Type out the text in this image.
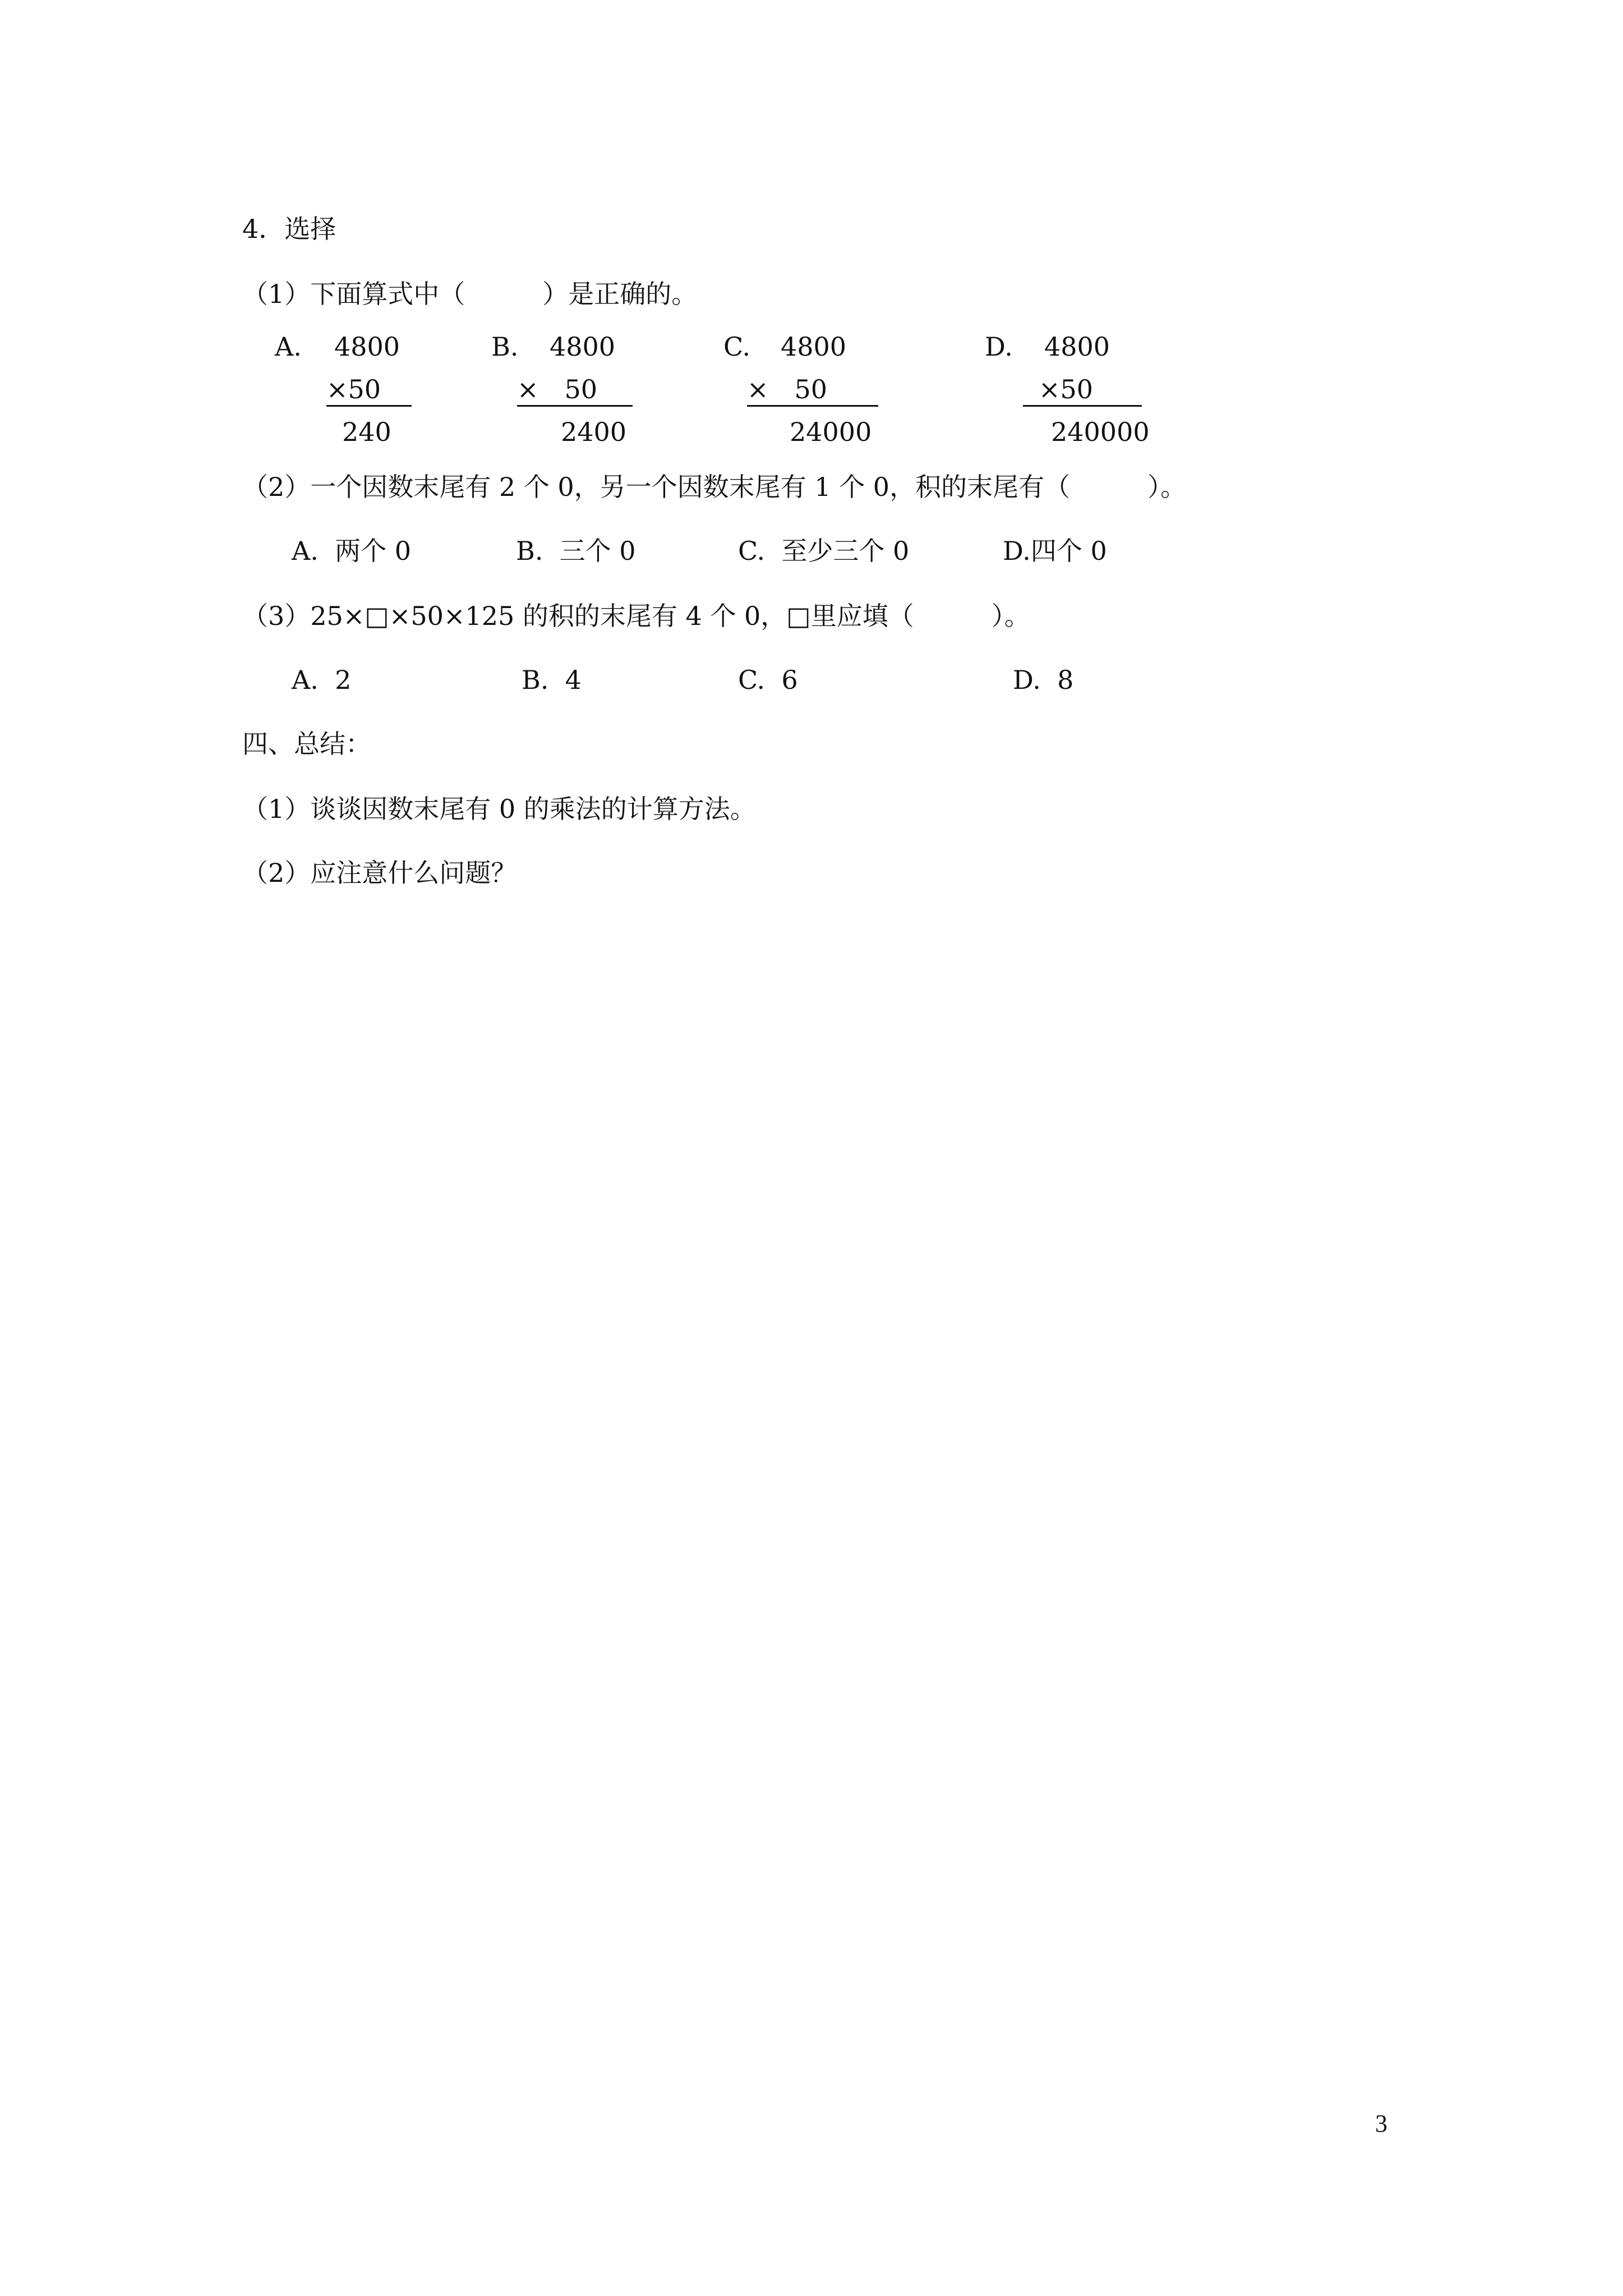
4．选择
（1）下面算式中（　　　）是正确的。
A. 4800
×50
240
B. 4800
×　50
2400
C. 4800
×　50
24000
D. 4800
×50
240000
（2）一个因数末尾有 2 个 0，另一个因数末尾有 1 个 0，积的末尾有（　　　）。
A.  两个 0	B.  三个 0	C.  至少三个 0	D.四个 0
（3）25×□×50×125 的积的末尾有 4 个 0，□里应填（　　　）。
A.  2	B.  4	C.  6	D.  8
四、总结：
（1）谈谈因数末尾有 0 的乘法的计算方法。
（2）应注意什么问题？
3
